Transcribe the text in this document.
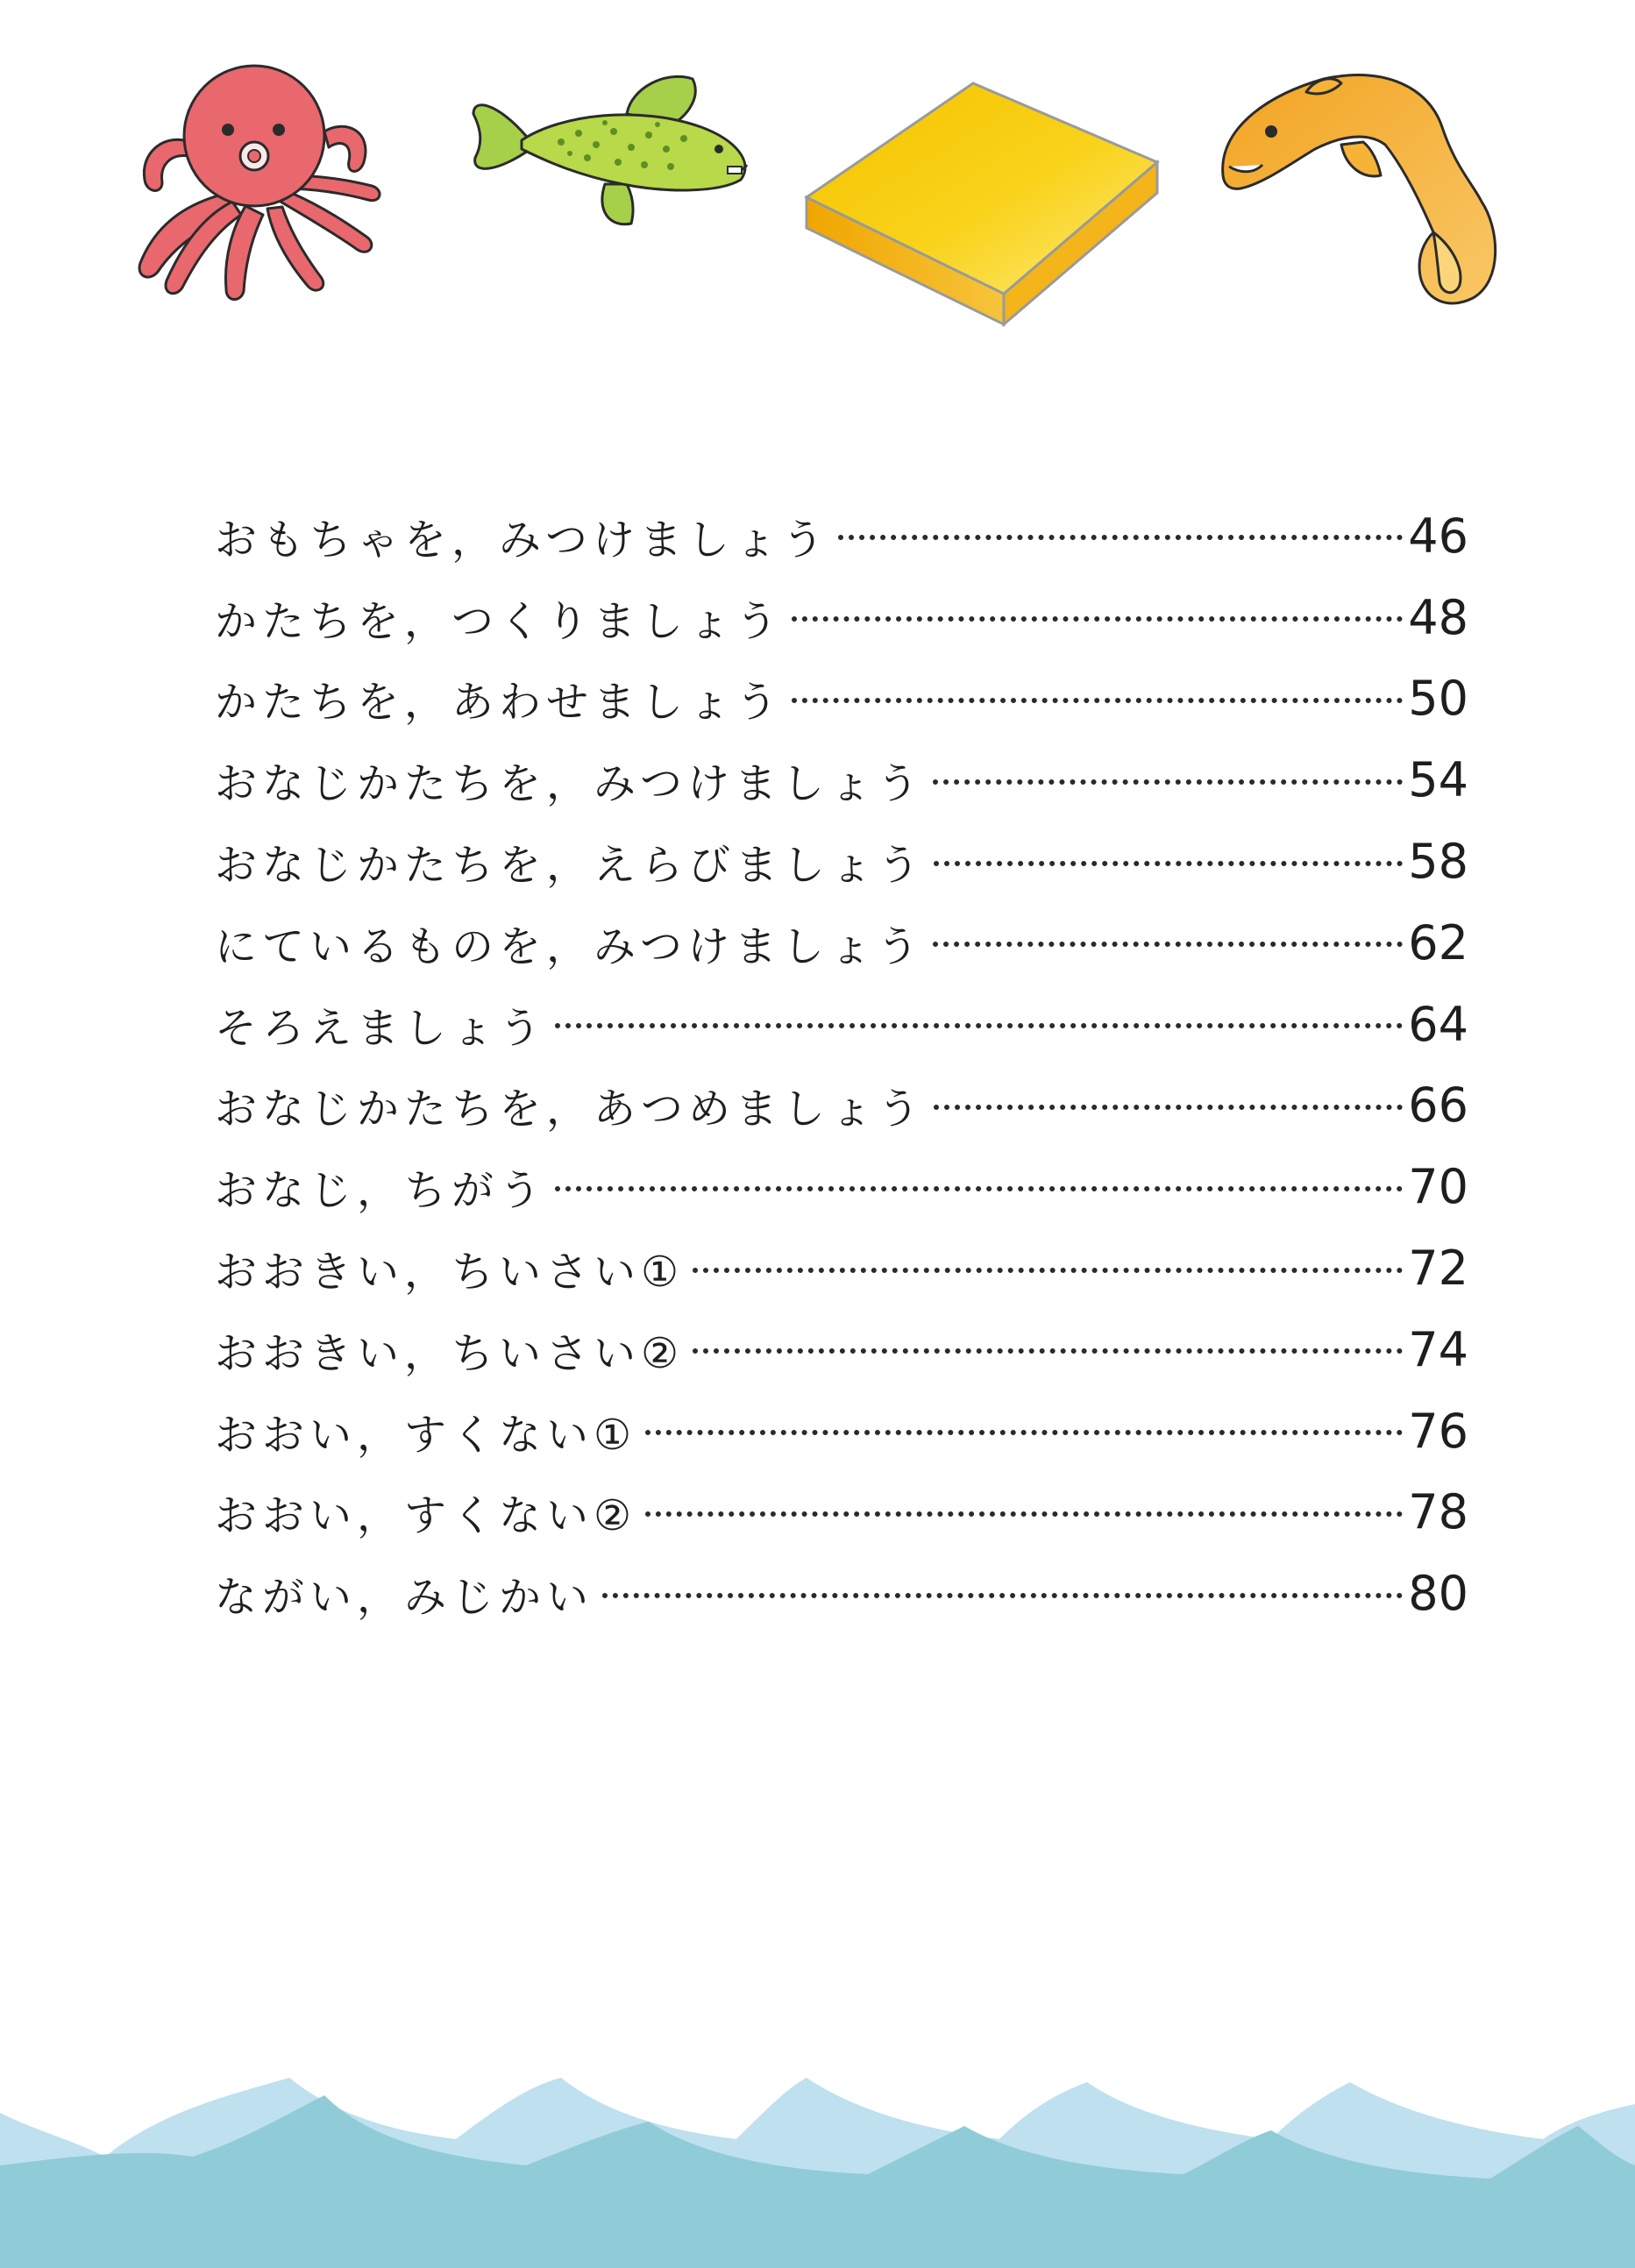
おもちゃを，みつけましょう	46
かたちを，つくりましょう	48
かたちを，あわせましょう	50
おなじかたちを，みつけましょう	54
おなじかたちを，えらびましょう	58
にているものを，みつけましょう	62
そろえましょう	64
おなじかたちを，あつめましょう	66
おなじ，ちがう	70
おおきい，ちいさい①	72
おおきい，ちいさい②	74
おおい，すくない①	76
おおい，すくない②	78
ながい，みじかい	80
